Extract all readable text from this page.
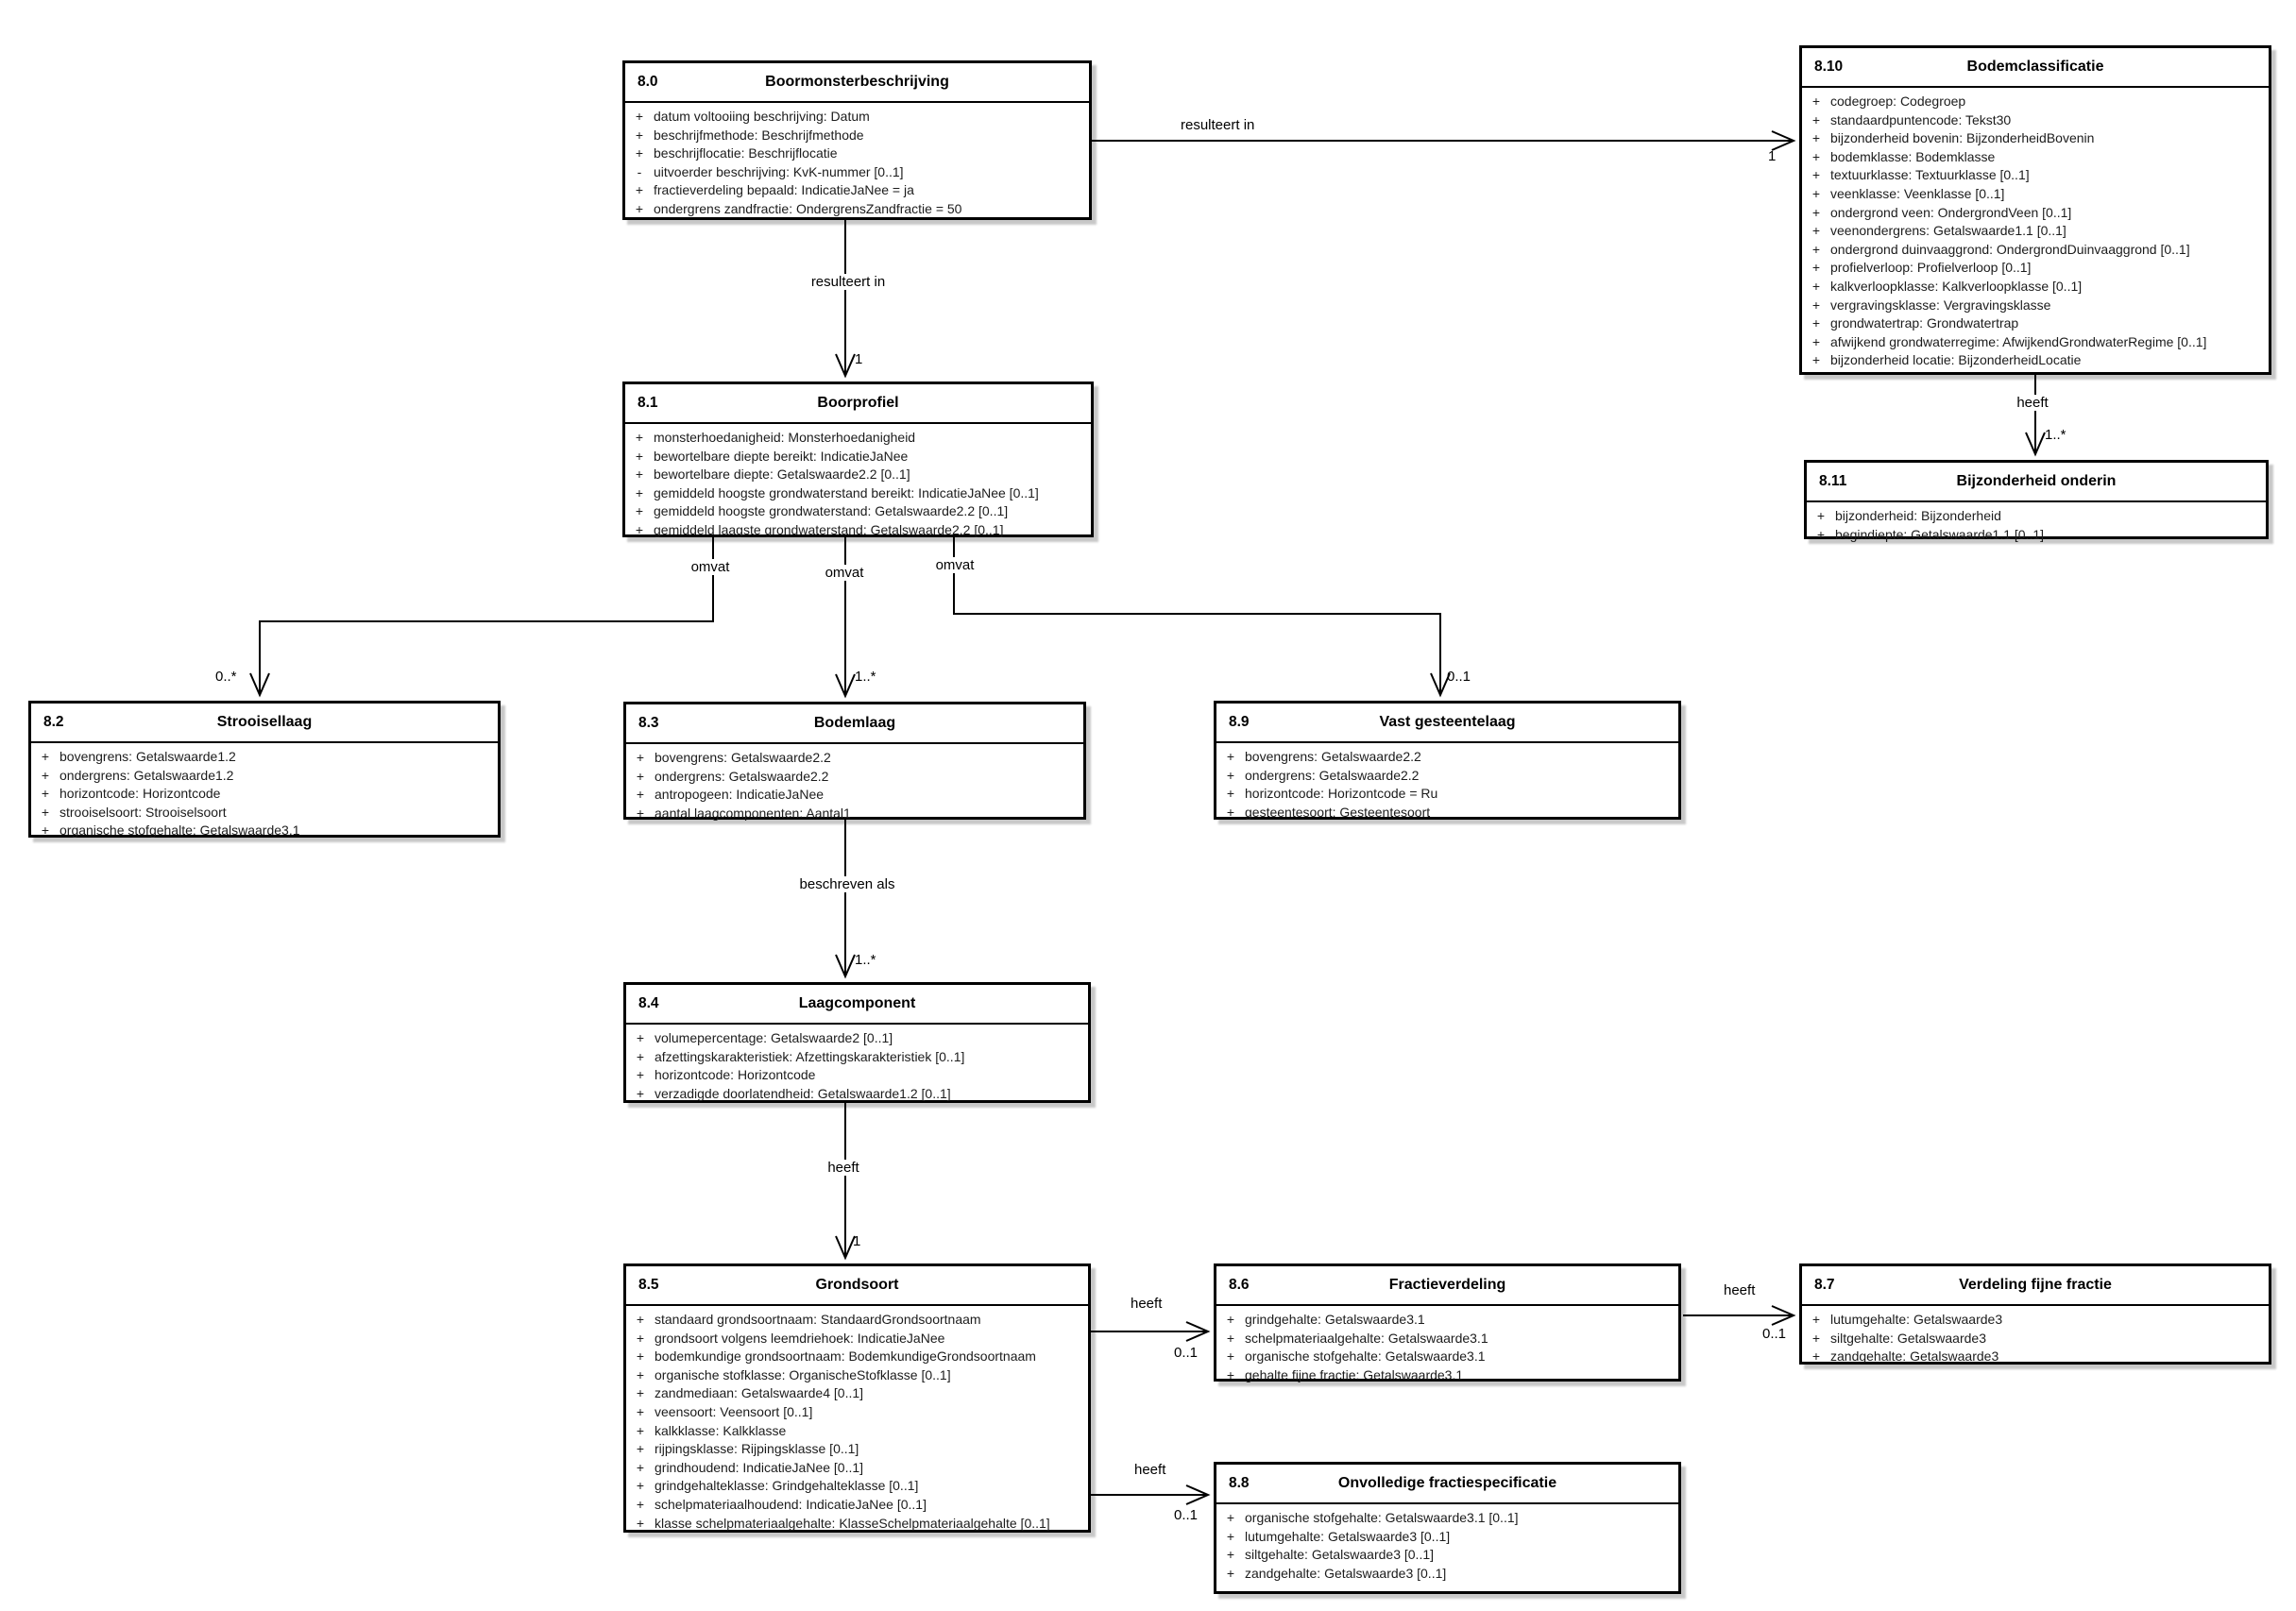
8.0	Boormonsterbeschrijving
+ datum voltooiing beschrijving: Datum
+ beschrijfmethode: Beschrijfmethode
+ beschrijflocatie: Beschrijflocatie
- uitvoerder beschrijving: KvK-nummer [0..1]
+ fractieverdeling bepaald: IndicatieJaNee = ja
+ ondergrens zandfractie: OndergrensZandfractie = 50
8.1	Boorprofiel
+ monsterhoedanigheid: Monsterhoedanigheid
+ bewortelbare diepte bereikt: IndicatieJaNee
+ bewortelbare diepte: Getalswaarde2.2 [0..1]
+ gemiddeld hoogste grondwaterstand bereikt: IndicatieJaNee [0..1]
+ gemiddeld hoogste grondwaterstand: Getalswaarde2.2 [0..1]
+ gemiddeld laagste grondwaterstand: Getalswaarde2.2 [0..1]
8.2	Strooisellaag
+ bovengrens: Getalswaarde1.2
+ ondergrens: Getalswaarde1.2
+ horizontcode: Horizontcode
+ strooiselsoort: Strooiselsoort
+ organische stofgehalte: Getalswaarde3.1
8.3	Bodemlaag
+ bovengrens: Getalswaarde2.2
+ ondergrens: Getalswaarde2.2
+ antropogeen: IndicatieJaNee
+ aantal laagcomponenten: Aantal1
8.9	Vast gesteentelaag
+ bovengrens: Getalswaarde2.2
+ ondergrens: Getalswaarde2.2
+ horizontcode: Horizontcode = Ru
+ gesteentesoort: Gesteentesoort
8.4	Laagcomponent
+ volumepercentage: Getalswaarde2 [0..1]
+ afzettingskarakteristiek: Afzettingskarakteristiek [0..1]
+ horizontcode: Horizontcode
+ verzadigde doorlatendheid: Getalswaarde1.2 [0..1]
8.5	Grondsoort
+ standaard grondsoortnaam: StandaardGrondsoortnaam
+ grondsoort volgens leemdriehoek: IndicatieJaNee
+ bodemkundige grondsoortnaam: BodemkundigeGrondsoortnaam
+ organische stofklasse: OrganischeStofklasse [0..1]
+ zandmediaan: Getalswaarde4 [0..1]
+ veensoort: Veensoort [0..1]
+ kalkklasse: Kalkklasse
+ rijpingsklasse: Rijpingsklasse [0..1]
+ grindhoudend: IndicatieJaNee [0..1]
+ grindgehalteklasse: Grindgehalteklasse [0..1]
+ schelpmateriaalhoudend: IndicatieJaNee [0..1]
+ klasse schelpmateriaalgehalte: KlasseSchelpmateriaalgehalte [0..1]
8.6	Fractieverdeling
+ grindgehalte: Getalswaarde3.1
+ schelpmateriaalgehalte: Getalswaarde3.1
+ organische stofgehalte: Getalswaarde3.1
+ gehalte fijne fractie: Getalswaarde3.1
8.7	Verdeling fijne fractie
+ lutumgehalte: Getalswaarde3
+ siltgehalte: Getalswaarde3
+ zandgehalte: Getalswaarde3
8.8	Onvolledige fractiespecificatie
+ organische stofgehalte: Getalswaarde3.1 [0..1]
+ lutumgehalte: Getalswaarde3 [0..1]
+ siltgehalte: Getalswaarde3 [0..1]
+ zandgehalte: Getalswaarde3 [0..1]
8.10	Bodemclassificatie
+ codegroep: Codegroep
+ standaardpuntencode: Tekst30
+ bijzonderheid bovenin: BijzonderheidBovenin
+ bodemklasse: Bodemklasse
+ textuurklasse: Textuurklasse [0..1]
+ veenklasse: Veenklasse [0..1]
+ ondergrond veen: OndergrondVeen [0..1]
+ veenondergrens: Getalswaarde1.1 [0..1]
+ ondergrond duinvaaggrond: OndergrondDuinvaaggrond [0..1]
+ profielverloop: Profielverloop [0..1]
+ kalkverloopklasse: Kalkverloopklasse [0..1]
+ vergravingsklasse: Vergravingsklasse
+ grondwatertrap: Grondwatertrap
+ afwijkend grondwaterregime: AfwijkendGrondwaterRegime [0..1]
+ bijzonderheid locatie: BijzonderheidLocatie
8.11	Bijzonderheid onderin
+ bijzonderheid: Bijzonderheid
+ begindiepte: Getalswaarde1.1 [0..1]
resulteert in
1
resulteert in
1
heeft
1..*
omvat
0..*
omvat
1..*
omvat
0..1
beschreven als
1..*
heeft
1
heeft
0..1
heeft
0..1
heeft
0..1
